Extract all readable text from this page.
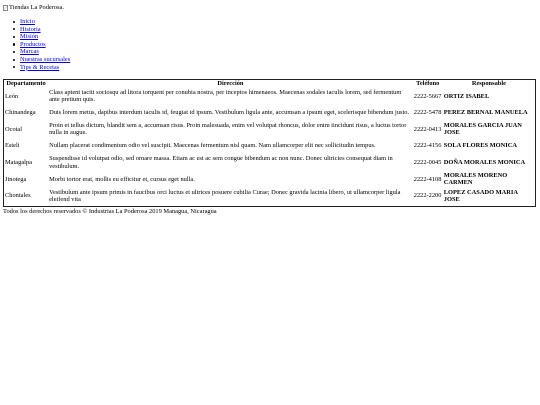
Tiendas La Poderosa.
Inicio
Historia
Misión
Productos
Marcas
Nuestras sucursales
Tips & Recetas
Departamento	Dirección	Teléfono	Responsable
León	Class aptent taciti sociosqu ad litora torquent per conubia nostra, per inceptos himenaeos. Maecenas sodales iaculis lorem, sed fermentum ante pretium quis.	2222-5667	ORTIZ ISABEL
Chinandega	Duis lorem metus, dapibus interdum iaculis id, feugiat id ipsum. Vestibulum ligula ante, accumsan a ipsum eget, scelerisque bibendum justo.	2222-5478	PEREZ BERNAL MANUELA
Ocotal	Proin et tellus dictum, blandit sem a, accumsan risus. Proin malesuada, enim vel volutpat rhoncus, dolor enim tincidunt risus, a luctus tortor nulla in augue.	2222-0413	MORALES GARCIA JUAN JOSE
Esteli	Nullam placerat condimentum odio vel suscipit. Maecenas fermentum nisl quam. Nam ullamcorper elit nec sollicitudin tempus.	2222-4156	SOLA FLORES MONICA
Matagalpa	Suspendisse id volutpat odio, sed ornare massa. Etiam ac est ac sem congue bibendum ac non nunc. Donec ultricies consequat diam in vestibulum.	2222-0045	DOÑA MORALES MONICA
Jinotega	Morbi tortor erat, mollis eu efficitur et, cursus eget nulla.	2222-4108	MORALES MORENO CARMEN
Chontales	Vestibulum ante ipsum primis in faucibus orci luctus et ultrices posuere cubilia Curae; Donec gravida lacinia libero, ut ullamcorper ligula eleifend vita	2222-2200	LOPEZ CASADO MARIA JOSE
Todos los derechos reservados © Industrias La Poderosa 2019 Managua, Nicaragua
